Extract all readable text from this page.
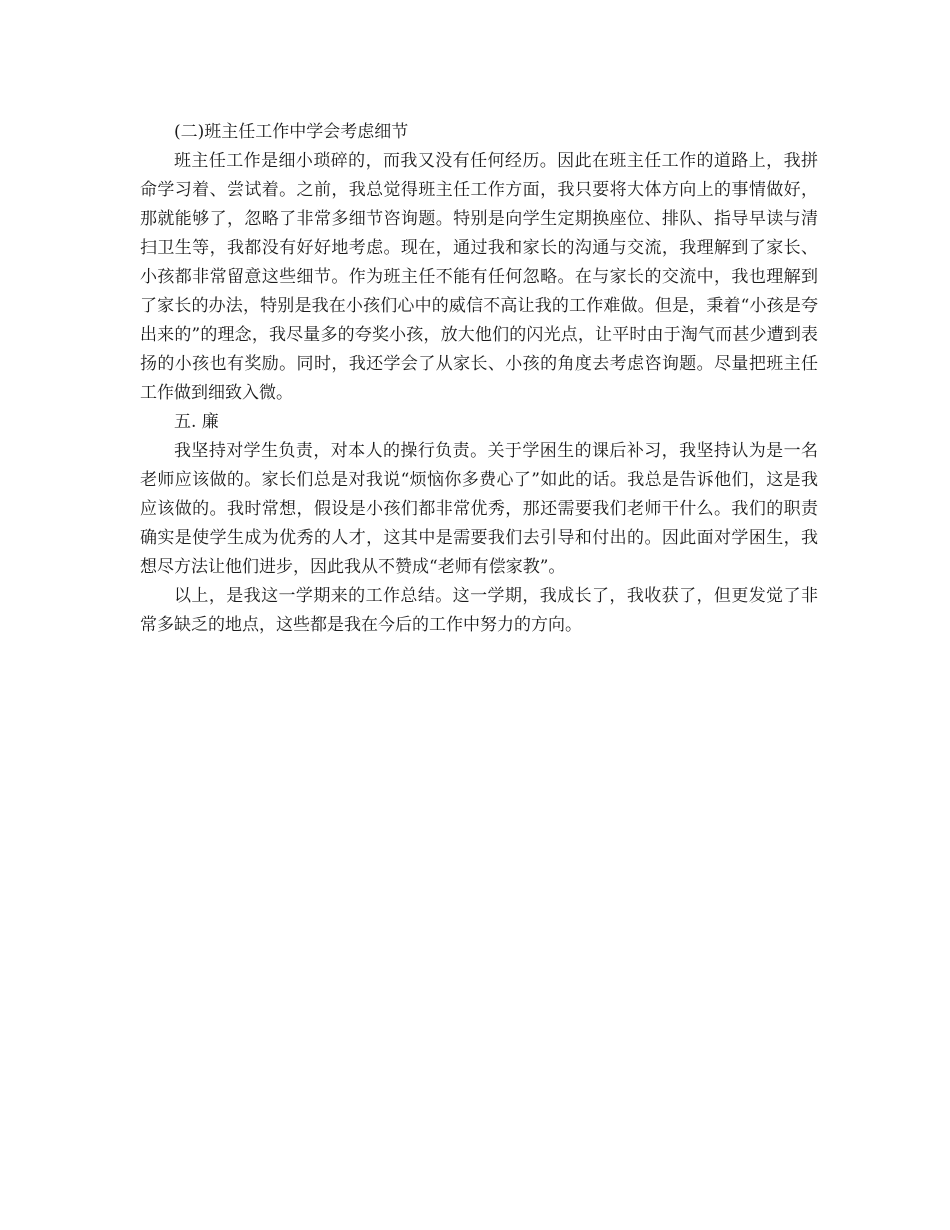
(二)班主任工作中学会考虑细节

班主任工作是细小琐碎的，而我又没有任何经历。因此在班主任工作的道路上，我拼命学习着、尝试着。之前，我总觉得班主任工作方面，我只要将大体方向上的事情做好，那就能够了，忽略了非常多细节咨询题。特别是向学生定期换座位、排队、指导早读与清扫卫生等，我都没有好好地考虑。现在，通过我和家长的沟通与交流，我理解到了家长、小孩都非常留意这些细节。作为班主任不能有任何忽略。在与家长的交流中，我也理解到了家长的办法，特别是我在小孩们心中的威信不高让我的工作难做。但是，秉着“小孩是夸出来的”的理念，我尽量多的夸奖小孩，放大他们的闪光点，让平时由于淘气而甚少遭到表扬的小孩也有奖励。同时，我还学会了从家长、小孩的角度去考虑咨询题。尽量把班主任工作做到细致入微。

五. 廉

我坚持对学生负责，对本人的操行负责。关于学困生的课后补习，我坚持认为是一名老师应该做的。家长们总是对我说“烦恼你多费心了”如此的话。我总是告诉他们，这是我应该做的。我时常想，假设是小孩们都非常优秀，那还需要我们老师干什么。我们的职责确实是使学生成为优秀的人才，这其中是需要我们去引导和付出的。因此面对学困生，我想尽方法让他们进步，因此我从不赞成“老师有偿家教”。

以上，是我这一学期来的工作总结。这一学期，我成长了，我收获了，但更发觉了非常多缺乏的地点，这些都是我在今后的工作中努力的方向。
